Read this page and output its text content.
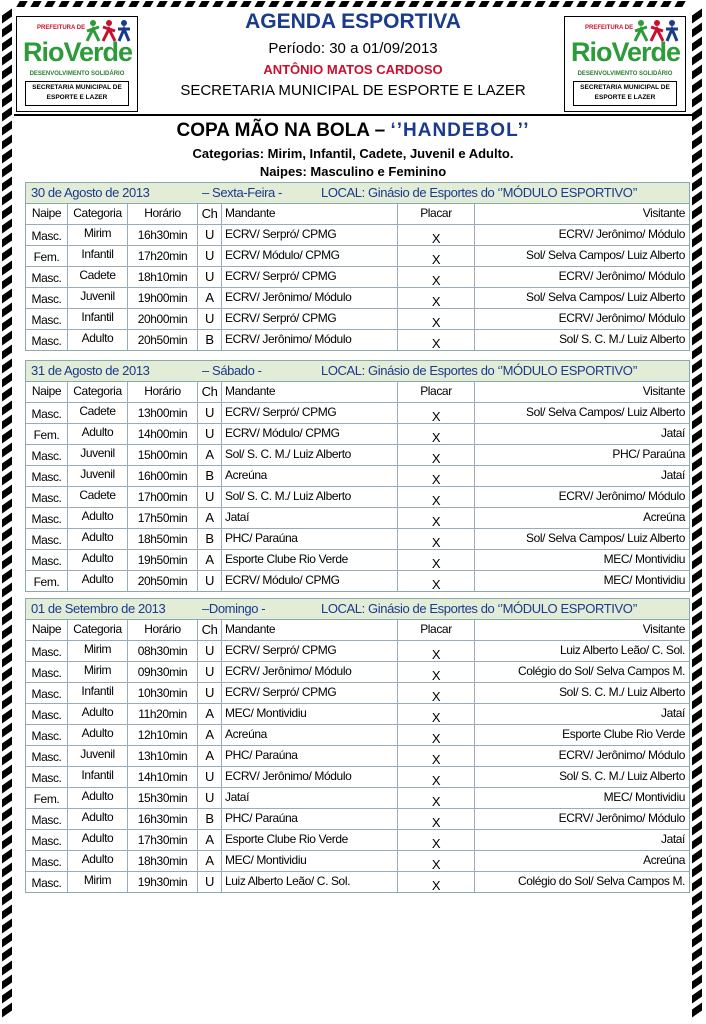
PREFEITURA DE
RioVerde
DESENVOLVIMENTO SOLIDÁRIO
SECRETARIA MUNICIPAL DE
ESPORTE E LAZER
PREFEITURA DE
RioVerde
DESENVOLVIMENTO SOLIDÁRIO
SECRETARIA MUNICIPAL DE
ESPORTE E LAZER
AGENDA ESPORTIVA
Período: 30 a 01/09/2013
ANTÔNIO MATOS CARDOSO
SECRETARIA MUNICIPAL DE ESPORTE E LAZER
COPA MÃO NA BOLA – ‘’HANDEBOL’’
Categorias: Mirim, Infantil, Cadete, Juvenil e Adulto.
Naipes: Masculino e Feminino
30 de Agosto de 2013	– Sexta-Feira -	LOCAL: Ginásio de Esportes do ‘’MÓDULO ESPORTIVO’’
Naipe	Categoria	Horário	Ch Mandante	Placar	Visitante
Masc.	Mirim	16h30min	U ECRV/ Serpró/ CPMG	X	ECRV/ Jerônimo/ Módulo
Fem.	Infantil	17h20min	U ECRV/ Módulo/ CPMG	X	Sol/ Selva Campos/ Luiz Alberto
Masc.	Cadete	18h10min	U ECRV/ Serpró/ CPMG	X	ECRV/ Jerônimo/ Módulo
Masc.	Juvenil	19h00min	A ECRV/ Jerônimo/ Módulo	X	Sol/ Selva Campos/ Luiz Alberto
Masc.	Infantil	20h00min	U ECRV/ Serpró/ CPMG	X	ECRV/ Jerônimo/ Módulo
Masc.	Adulto	20h50min	B ECRV/ Jerônimo/ Módulo	X	Sol/ S. C. M./ Luiz Alberto
31 de Agosto de 2013	– Sábado -	LOCAL: Ginásio de Esportes do ‘’MÓDULO ESPORTIVO’’
Naipe	Categoria	Horário	Ch Mandante	Placar	Visitante
Masc.	Cadete	13h00min	U ECRV/ Serpró/ CPMG	X	Sol/ Selva Campos/ Luiz Alberto
Fem.	Adulto	14h00min	U ECRV/ Módulo/ CPMG	X	Jataí
Masc.	Juvenil	15h00min	A Sol/ S. C. M./ Luiz Alberto	X	PHC/ Paraúna
Masc.	Juvenil	16h00min	B Acreúna	X	Jataí
Masc.	Cadete	17h00min	U Sol/ S. C. M./ Luiz Alberto	X	ECRV/ Jerônimo/ Módulo
Masc.	Adulto	17h50min	A Jataí	X	Acreúna
Masc.	Adulto	18h50min	B PHC/ Paraúna	X	Sol/ Selva Campos/ Luiz Alberto
Masc.	Adulto	19h50min	A Esporte Clube Rio Verde	X	MEC/ Montividiu
Fem.	Adulto	20h50min	U ECRV/ Módulo/ CPMG	X	MEC/ Montividiu
01 de Setembro de 2013	–Domingo -	LOCAL: Ginásio de Esportes do ‘’MÓDULO ESPORTIVO’’
Naipe	Categoria	Horário	Ch Mandante	Placar	Visitante
Masc.	Mirim	08h30min	U ECRV/ Serpró/ CPMG	X	Luiz Alberto Leão/ C. Sol.
Masc.	Mirim	09h30min	U ECRV/ Jerônimo/ Módulo	X	Colégio do Sol/ Selva Campos M.
Masc.	Infantil	10h30min	U ECRV/ Serpró/ CPMG	X	Sol/ S. C. M./ Luiz Alberto
Masc.	Adulto	11h20min	A MEC/ Montividiu	X	Jataí
Masc.	Adulto	12h10min	A Acreúna	X	Esporte Clube Rio Verde
Masc.	Juvenil	13h10min	A PHC/ Paraúna	X	ECRV/ Jerônimo/ Módulo
Masc.	Infantil	14h10min	U ECRV/ Jerônimo/ Módulo	X	Sol/ S. C. M./ Luiz Alberto
Fem.	Adulto	15h30min	U Jataí	X	MEC/ Montividiu
Masc.	Adulto	16h30min	B PHC/ Paraúna	X	ECRV/ Jerônimo/ Módulo
Masc.	Adulto	17h30min	A Esporte Clube Rio Verde	X	Jataí
Masc.	Adulto	18h30min	A MEC/ Montividiu	X	Acreúna
Masc.	Mirim	19h30min	U Luiz Alberto Leão/ C. Sol.	X	Colégio do Sol/ Selva Campos M.
